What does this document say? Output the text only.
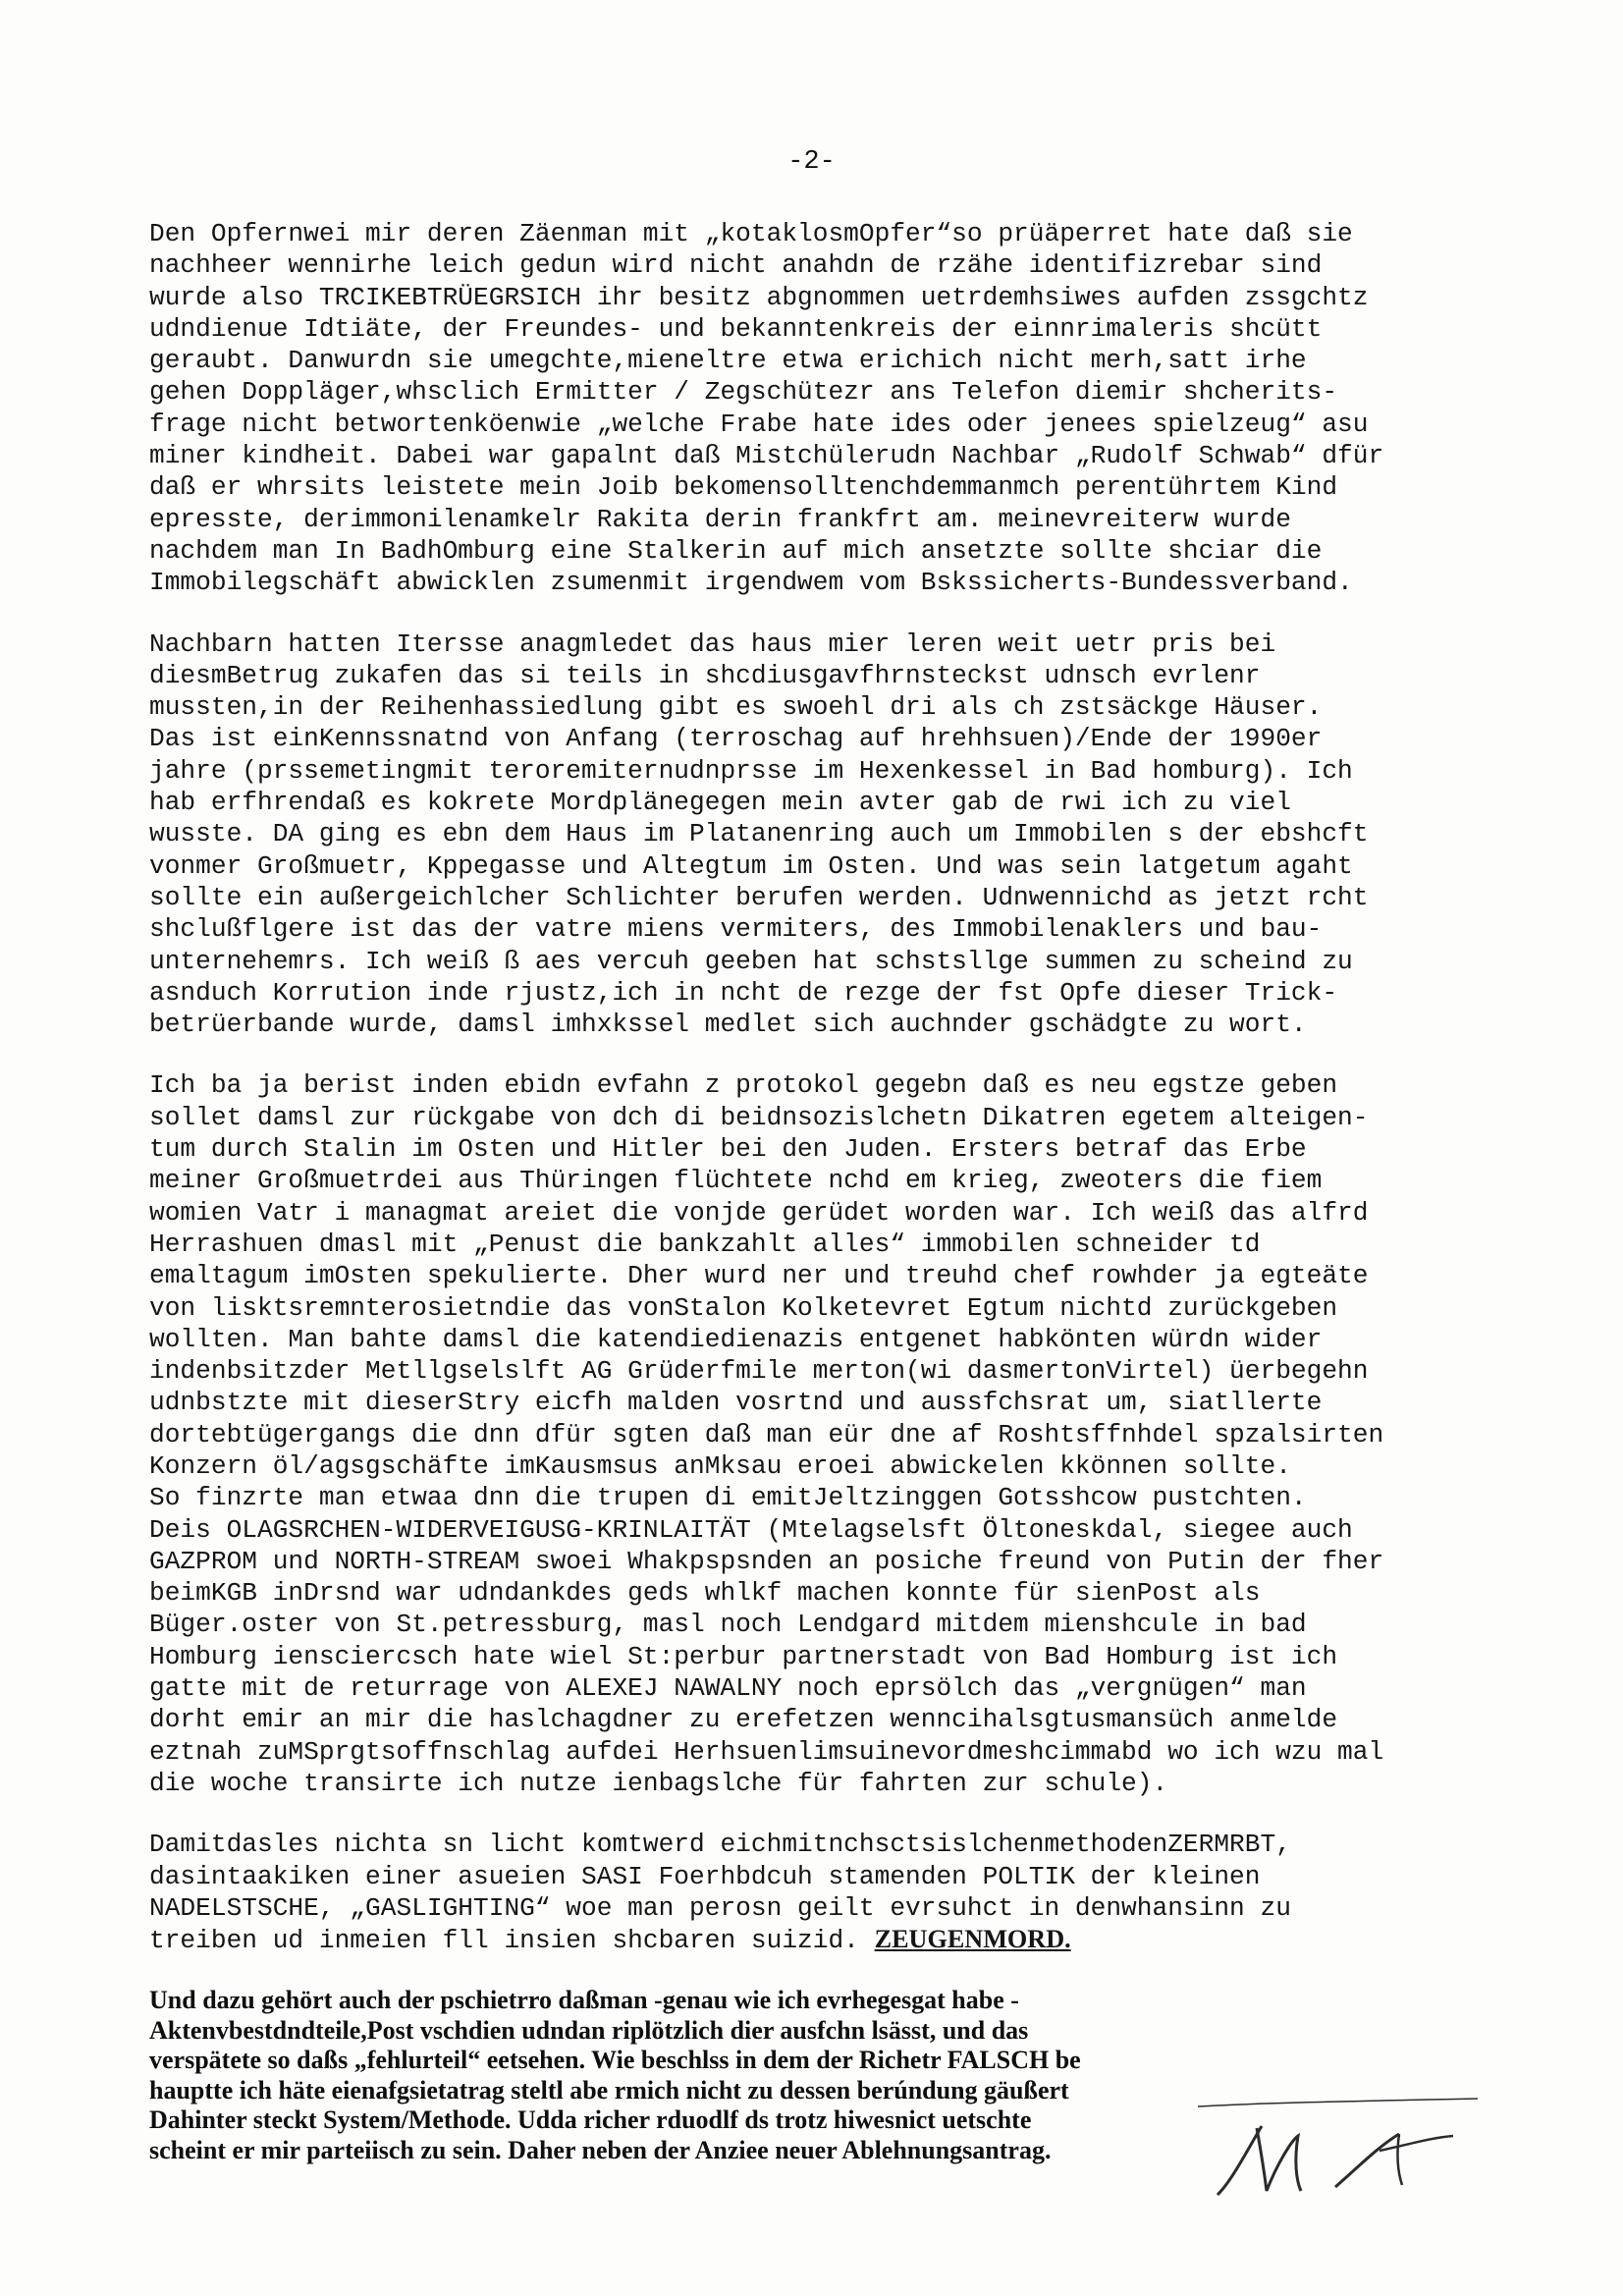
-2-

Den Opfernwei mir deren Zäenman mit „kotaklosmOpfer“so prüäperret hate daß sie
nachheer wennirhe leich gedun wird nicht anahdn de rzähe identifizrebar sind
wurde also TRCIKEBTRÜEGRSICH ihr besitz abgnommen uetrdemhsiwes aufden zssgchtz
udndienue Idtiäte, der Freundes- und bekanntenkreis der einnrimaleris shcütt
geraubt. Danwurdn sie umegchte,mieneltre etwa erichich nicht merh,satt irhe
gehen Doppläger,whsclich Ermitter / Zegschütezr ans Telefon diemir shcherits-
frage nicht betwortenköenwie „welche Frabe hate ides oder jenees spielzeug“ asu
miner kindheit. Dabei war gapalnt daß Mistchülerudn Nachbar „Rudolf Schwab“ dfür
daß er whrsits leistete mein Joib bekomensolltenchdemmanmch perentührtem Kind
epresste, derimmonilenamkelr Rakita derin frankfrt am. meinevreiterw wurde
nachdem man In BadhOmburg eine Stalkerin auf mich ansetzte sollte shciar die
Immobilegschäft abwicklen zsumenmit irgendwem vom Bskssicherts-Bundessverband.

Nachbarn hatten Itersse anagmledet das haus mier leren weit uetr pris bei
diesmBetrug zukafen das si teils in shcdiusgavfhrnsteckst udnsch evrlenr
mussten,in der Reihenhassiedlung gibt es swoehl dri als ch zstsäckge Häuser.
Das ist einKennssnatnd von Anfang (terroschag auf hrehhsuen)/Ende der 1990er
jahre (prssemetingmit teroremiternudnprsse im Hexenkessel in Bad homburg). Ich
hab erfhrendaß es kokrete Mordplänegegen mein avter gab de rwi ich zu viel
wusste. DA ging es ebn dem Haus im Platanenring auch um Immobilen s der ebshcft
vonmer Großmuetr, Kppegasse und Altegtum im Osten. Und was sein latgetum agaht
sollte ein außergeichlcher Schlichter berufen werden. Udnwennichd as jetzt rcht
shclußflgere ist das der vatre miens vermiters, des Immobilenaklers und bau-
unternehemrs. Ich weiß ß aes vercuh geeben hat schstsllge summen zu scheind zu
asnduch Korrution inde rjustz,ich in ncht de rezge der fst Opfe dieser Trick-
betrüerbande wurde, damsl imhxkssel medlet sich auchnder gschädgte zu wort.

Ich ba ja berist inden ebidn evfahn z protokol gegebn daß es neu egstze geben
sollet damsl zur rückgabe von dch di beidnsozislchetn Dikatren egetem alteigen-
tum durch Stalin im Osten und Hitler bei den Juden. Ersters betraf das Erbe
meiner Großmuetrdei aus Thüringen flüchtete nchd em krieg, zweoters die fiem
womien Vatr i managmat areiet die vonjde gerüdet worden war. Ich weiß das alfrd
Herrashuen dmasl mit „Penust die bankzahlt alles“ immobilen schneider td
emaltagum imOsten spekulierte. Dher wurd ner und treuhd chef rowhder ja egteäte
von lisktsremnterosietndie das vonStalon Kolketevret Egtum nichtd zurückgeben
wollten. Man bahte damsl die katendiedienazis entgenet habkönten würdn wider
indenbsitzder Metllgselslft AG Grüderfmile merton(wi dasmertonVirtel) üerbegehn
udnbstzte mit dieserStry eicfh malden vosrtnd und aussfchsrat um, siatllerte
dortebtügergangs die dnn dfür sgten daß man eür dne af Roshtsffnhdel spzalsirten
Konzern öl/agsgschäfte imKausmsus anMksau eroei abwickelen kkönnen sollte.
So finzrte man etwaa dnn die trupen di emitJeltzinggen Gotsshcow pustchten.
Deis OLAGSRCHEN-WIDERVEIGUSG-KRINLAITÄT (Mtelagselsft Öltoneskdal, siegee auch
GAZPROM und NORTH-STREAM swoei Whakpspsnden an posiche freund von Putin der fher
beimKGB inDrsnd war udndankdes geds whlkf machen konnte für sienPost als
Büger.oster von St.petressburg, masl noch Lendgard mitdem mienshcule in bad
Homburg iensciercsch hate wiel St:perbur partnerstadt von Bad Homburg ist ich
gatte mit de returrage von ALEXEJ NAWALNY noch eprsölch das „vergnügen“ man
dorht emir an mir die haslchagdner zu erefetzen wenncihalsgtusmansüch anmelde
eztnah zuMSprgtsoffnschlag aufdei Herhsuenlimsuinevordmeshcimmabd wo ich wzu mal
die woche transirte ich nutze ienbagslche für fahrten zur schule).

Damitdasles nichta sn licht komtwerd eichmitnchsctsislchenmethodenZERMRBT,
dasintaakiken einer asueien SASI Foerhbdcuh stamenden POLTIK der kleinen
NADELSTSCHE, „GASLIGHTING“ woe man perosn geilt evrsuhct in denwhansinn zu
treiben ud inmeien fll insien shcbaren suizid. ZEUGENMORD.

Und dazu gehört auch der pschietrro daßman -genau wie ich evrhegesgat habe -
Aktenvbestdndteile,Post vschdien udndan riplötzlich dier ausfchn lsässt, und das
verspätete so daßs „fehlurteil“ eetsehen. Wie beschlss in dem der Richetr FALSCH be
hauptte ich häte eienafgsietatrag steltl abe rmich nicht zu dessen berúndung gäußert
Dahinter steckt System/Methode. Udda richer rduodlf ds trotz hiwesnict uetschte
scheint er mir parteiisch zu sein. Daher neben der Anziee neuer Ablehnungsantrag.
